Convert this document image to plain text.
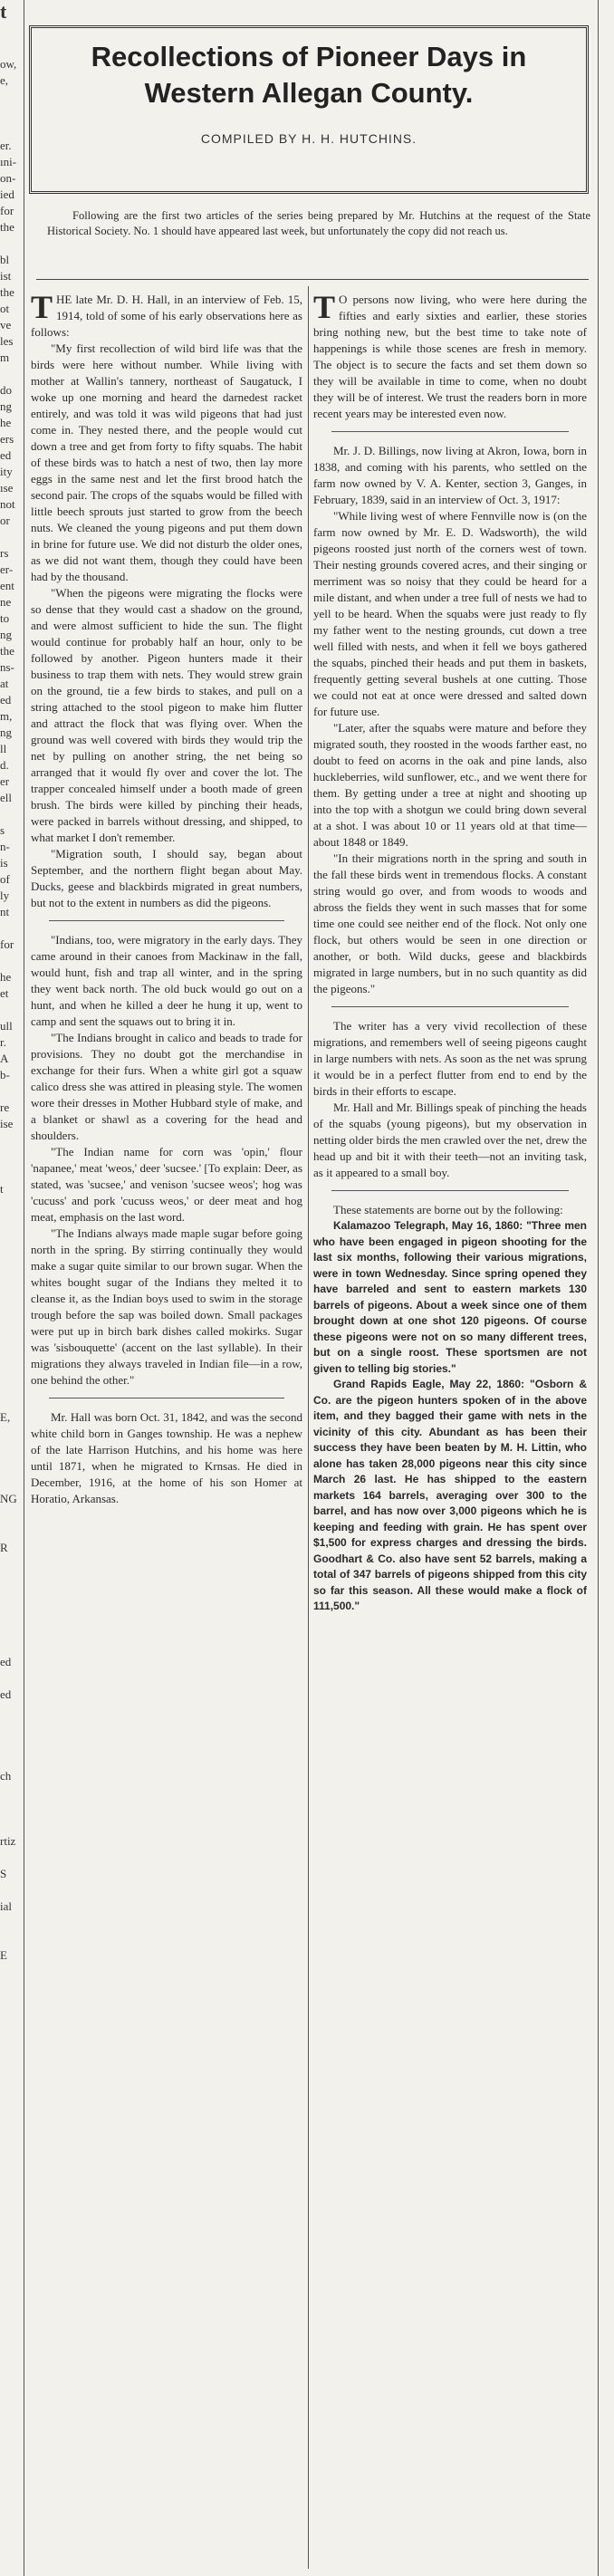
t
ow,
e,
er.
ıni-
on-
ied
for
the
bl
ist
the
ot
ve
les
m
do
ng
he
ers
ed
ity
ıse
not
or
rs
er-
ent
ne
to
ng
the
ns-
at
ed
m,
ng
ll
d.
er
ell
s
n-
is
of
ly
nt
for
he
et
ull
r.
A
b-
re
ise
t
E,
NG
R
ed
ed
ch
rtiz
S
ial
E
Recollections of Pioneer Days in Western Allegan County.
COMPILED BY H. H. HUTCHINS.
Following are the first two articles of the series being prepared by Mr. Hutchins at the request of the State Historical Society. No. 1 should have appeared last week, but unfortunately the copy did not reach us.

THE late Mr. D. H. Hall, in an interview of Feb. 15, 1914, told of some of his early observations here as follows:

"My first recollection of wild bird life was that the birds were here without number. While living with mother at Wallin's tannery, northeast of Saugatuck, I woke up one morning and heard the darnedest racket entirely, and was told it was wild pigeons that had just come in. They nested there, and the people would cut down a tree and get from forty to fifty squabs. The habit of these birds was to hatch a nest of two, then lay more eggs in the same nest and let the first brood hatch the second pair. The crops of the squabs would be filled with little beech sprouts just started to grow from the beech nuts. We cleaned the young pigeons and put them down in brine for future use. We did not disturb the older ones, as we did not want them, though they could have been had by the thousand.

"When the pigeons were migrating the flocks were so dense that they would cast a shadow on the ground, and were almost sufficient to hide the sun. The flight would continue for probably half an hour, only to be followed by another. Pigeon hunters made it their business to trap them with nets. They would strew grain on the ground, tie a few birds to stakes, and pull on a string attached to the stool pigeon to make him flutter and attract the flock that was flying over. When the ground was well covered with birds they would trip the net by pulling on another string, the net being so arranged that it would fly over and cover the lot. The trapper concealed himself under a booth made of green brush. The birds were killed by pinching their heads, were packed in barrels without dressing, and shipped, to what market I don't remember.

"Migration south, I should say, began about September, and the northern flight began about May. Ducks, geese and blackbirds migrated in great numbers, but not to the extent in numbers as did the pigeons.

"Indians, too, were migratory in the early days. They came around in their canoes from Mackinaw in the fall, would hunt, fish and trap all winter, and in the spring they went back north. The old buck would go out on a hunt, and when he killed a deer he hung it up, went to camp and sent the squaws out to bring it in.

"The Indians brought in calico and beads to trade for provisions. They no doubt got the merchandise in exchange for their furs. When a white girl got a squaw calico dress she was attired in pleasing style. The women wore their dresses in Mother Hubbard style of make, and a blanket or shawl as a covering for the head and shoulders.

"The Indian name for corn was 'opin,' flour 'napanee,' meat 'weos,' deer 'sucsee.' [To explain: Deer, as stated, was 'sucsee,' and venison 'sucsee weos'; hog was 'cucuss' and pork 'cucuss weos,' or deer meat and hog meat, emphasis on the last word.

"The Indians always made maple sugar before going north in the spring. By stirring continually they would make a sugar quite similar to our brown sugar. When the whites bought sugar of the Indians they melted it to cleanse it, as the Indian boys used to swim in the storage trough before the sap was boiled down. Small packages were put up in birch bark dishes called mokirks. Sugar was 'sisbouquette' (accent on the last syllable). In their migrations they always traveled in Indian file—in a row, one behind the other."

Mr. Hall was born Oct. 31, 1842, and was the second white child born in Ganges township. He was a nephew of the late Harrison Hutchins, and his home was here until 1871, when he migrated to Krnsas. He died in December, 1916, at the home of his son Homer at Horatio, Arkansas.

T O persons now living, who were here during the fifties and early sixties and earlier, these stories bring nothing new, but the best time to take note of happenings is while those scenes are fresh in memory. The object is to secure the facts and set them down so they will be available in time to come, when no doubt they will be of interest. We trust the readers born in more recent years may be interested even now.

Mr. J. D. Billings, now living at Akron, Iowa, born in 1838, and coming with his parents, who settled on the farm now owned by V. A. Kenter, section 3, Ganges, in February, 1839, said in an interview of Oct. 3, 1917:

"While living west of where Fennville now is (on the farm now owned by Mr. E. D. Wadsworth), the wild pigeons roosted just north of the corners west of town. Their nesting grounds covered acres, and their singing or merriment was so noisy that they could be heard for a mile distant, and when under a tree full of nests we had to yell to be heard. When the squabs were just ready to fly my father went to the nesting grounds, cut down a tree well filled with nests, and when it fell we boys gathered the squabs, pinched their heads and put them in baskets, frequently getting several bushels at one cutting. Those we could not eat at once were dressed and salted down for future use.

"Later, after the squabs were mature and before they migrated south, they roosted in the woods farther east, no doubt to feed on acorns in the oak and pine lands, also huckleberries, wild sunflower, etc., and we went there for them. By getting under a tree at night and shooting up into the top with a shotgun we could bring down several at a shot. I was about 10 or 11 years old at that time—about 1848 or 1849.

"In their migrations north in the spring and south in the fall these birds went in tremendous flocks. A constant string would go over, and from woods to woods and abross the fields they went in such masses that for some time one could see neither end of the flock. Not only one flock, but others would be seen in one direction or another, or both. Wild ducks, geese and blackbirds migrated in large numbers, but in no such quantity as did the pigeons."

The writer has a very vivid recollection of these migrations, and remembers well of seeing pigeons caught in large numbers with nets. As soon as the net was sprung it would be in a perfect flutter from end to end by the birds in their efforts to escape.

Mr. Hall and Mr. Billings speak of pinching the heads of the squabs (young pigeons), but my observation in netting older birds the men crawled over the net, drew the head up and bit it with their teeth—not an inviting task, as it appeared to a small boy.

These statements are borne out by the following:

Kalamazoo Telegraph, May 16, 1860: "Three men who have been engaged in pigeon shooting for the last six months, following their various migrations, were in town Wednesday. Since spring opened they have barreled and sent to eastern markets 130 barrels of pigeons. About a week since one of them brought down at one shot 120 pigeons. Of course these pigeons were not on so many different trees, but on a single roost. These sportsmen are not given to telling big stories."

Grand Rapids Eagle, May 22, 1860: "Osborn & Co. are the pigeon hunters spoken of in the above item, and they bagged their game with nets in the vicinity of this city. Abundant as has been their success they have been beaten by M. H. Littin, who alone has taken 28,000 pigeons near this city since March 26 last. He has shipped to the eastern markets 164 barrels, averaging over 300 to the barrel, and has now over 3,000 pigeons which he is keeping and feeding with grain. He has spent over $1,500 for express charges and dressing the birds. Goodhart & Co. also have sent 52 barrels, making a total of 347 barrels of pigeons shipped from this city so far this season. All these would make a flock of 111,500."
